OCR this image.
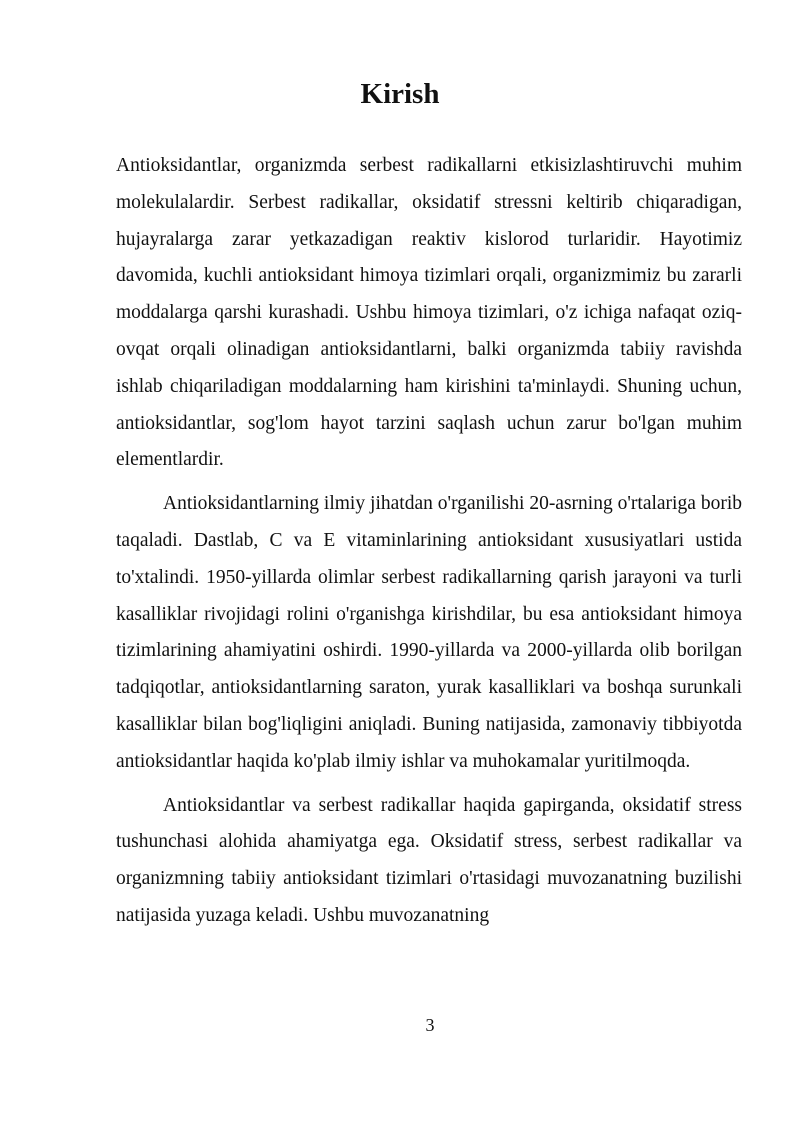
Kirish

Antioksidantlar, organizmda serbest radikallarni etkisizlashtiruvchi muhim molekulalardir. Serbest radikallar, oksidatif stressni keltirib chiqaradigan, hujayralarga zarar yetkazadigan reaktiv kislorod turlaridir. Hayotimiz davomida, kuchli antioksidant himoya tizimlari orqali, organizmimiz bu zararli moddalarga qarshi kurashadi. Ushbu himoya tizimlari, o'z ichiga nafaqat oziq-ovqat orqali olinadigan antioksidantlarni, balki organizmda tabiiy ravishda ishlab chiqariladigan moddalarning ham kirishini ta'minlaydi. Shuning uchun, antioksidantlar, sog'lom hayot tarzini saqlash uchun zarur bo'lgan muhim elementlardir.

Antioksidantlarning ilmiy jihatdan o'rganilishi 20-asrning o'rtalariga borib taqaladi. Dastlab, C va E vitaminlarining antioksidant xususiyatlari ustida to'xtalindi. 1950-yillarda olimlar serbest radikallarning qarish jarayoni va turli kasalliklar rivojidagi rolini o'rganishga kirishdilar, bu esa antioksidant himoya tizimlarining ahamiyatini oshirdi. 1990-yillarda va 2000-yillarda olib borilgan tadqiqotlar, antioksidantlarning saraton, yurak kasalliklari va boshqa surunkali kasalliklar bilan bog'liqligini aniqladi. Buning natijasida, zamonaviy tibbiyotda antioksidantlar haqida ko'plab ilmiy ishlar va muhokamalar yuritilmoqda.

Antioksidantlar va serbest radikallar haqida gapirganda, oksidatif stress tushunchasi alohida ahamiyatga ega. Oksidatif stress, serbest radikallar va organizmning tabiiy antioksidant tizimlari o'rtasidagi muvozanatning buzilishi natijasida yuzaga keladi. Ushbu muvozanatning

3
